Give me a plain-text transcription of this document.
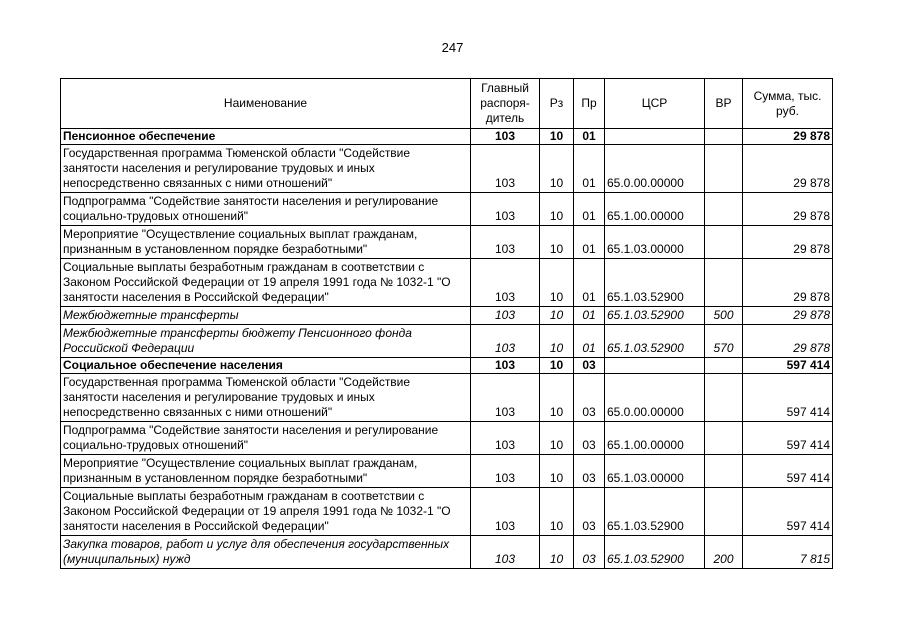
247
Наименование	Главный распоря-дитель	Рз	Пр	ЦСР	ВР	Сумма, тыс. руб.
Пенсионное обеспечение	103	10	01			29 878
Государственная программа Тюменской области "Содействие занятости населения и регулирование трудовых и иных непосредственно связанных с ними отношений"	103	10	01	65.0.00.00000		29 878
Подпрограмма "Содействие занятости населения и регулирование социально-трудовых отношений"	103	10	01	65.1.00.00000		29 878
Мероприятие "Осуществление социальных выплат гражданам, признанным в установленном порядке безработными"	103	10	01	65.1.03.00000		29 878
Социальные выплаты безработным гражданам в соответствии с Законом Российской Федерации от 19 апреля 1991 года № 1032-1 "О занятости населения в Российской Федерации"	103	10	01	65.1.03.52900		29 878
Межбюджетные трансферты	103	10	01	65.1.03.52900	500	29 878
Межбюджетные трансферты бюджету Пенсионного фонда Российской Федерации	103	10	01	65.1.03.52900	570	29 878
Социальное обеспечение населения	103	10	03			597 414
Государственная программа Тюменской области "Содействие занятости населения и регулирование трудовых и иных непосредственно связанных с ними отношений"	103	10	03	65.0.00.00000		597 414
Подпрограмма "Содействие занятости населения и регулирование социально-трудовых отношений"	103	10	03	65.1.00.00000		597 414
Мероприятие "Осуществление социальных выплат гражданам, признанным в установленном порядке безработными"	103	10	03	65.1.03.00000		597 414
Социальные выплаты безработным гражданам в соответствии с Законом Российской Федерации от 19 апреля 1991 года № 1032-1 "О занятости населения в Российской Федерации"	103	10	03	65.1.03.52900		597 414
Закупка товаров, работ и услуг для обеспечения государственных (муниципальных) нужд	103	10	03	65.1.03.52900	200	7 815
